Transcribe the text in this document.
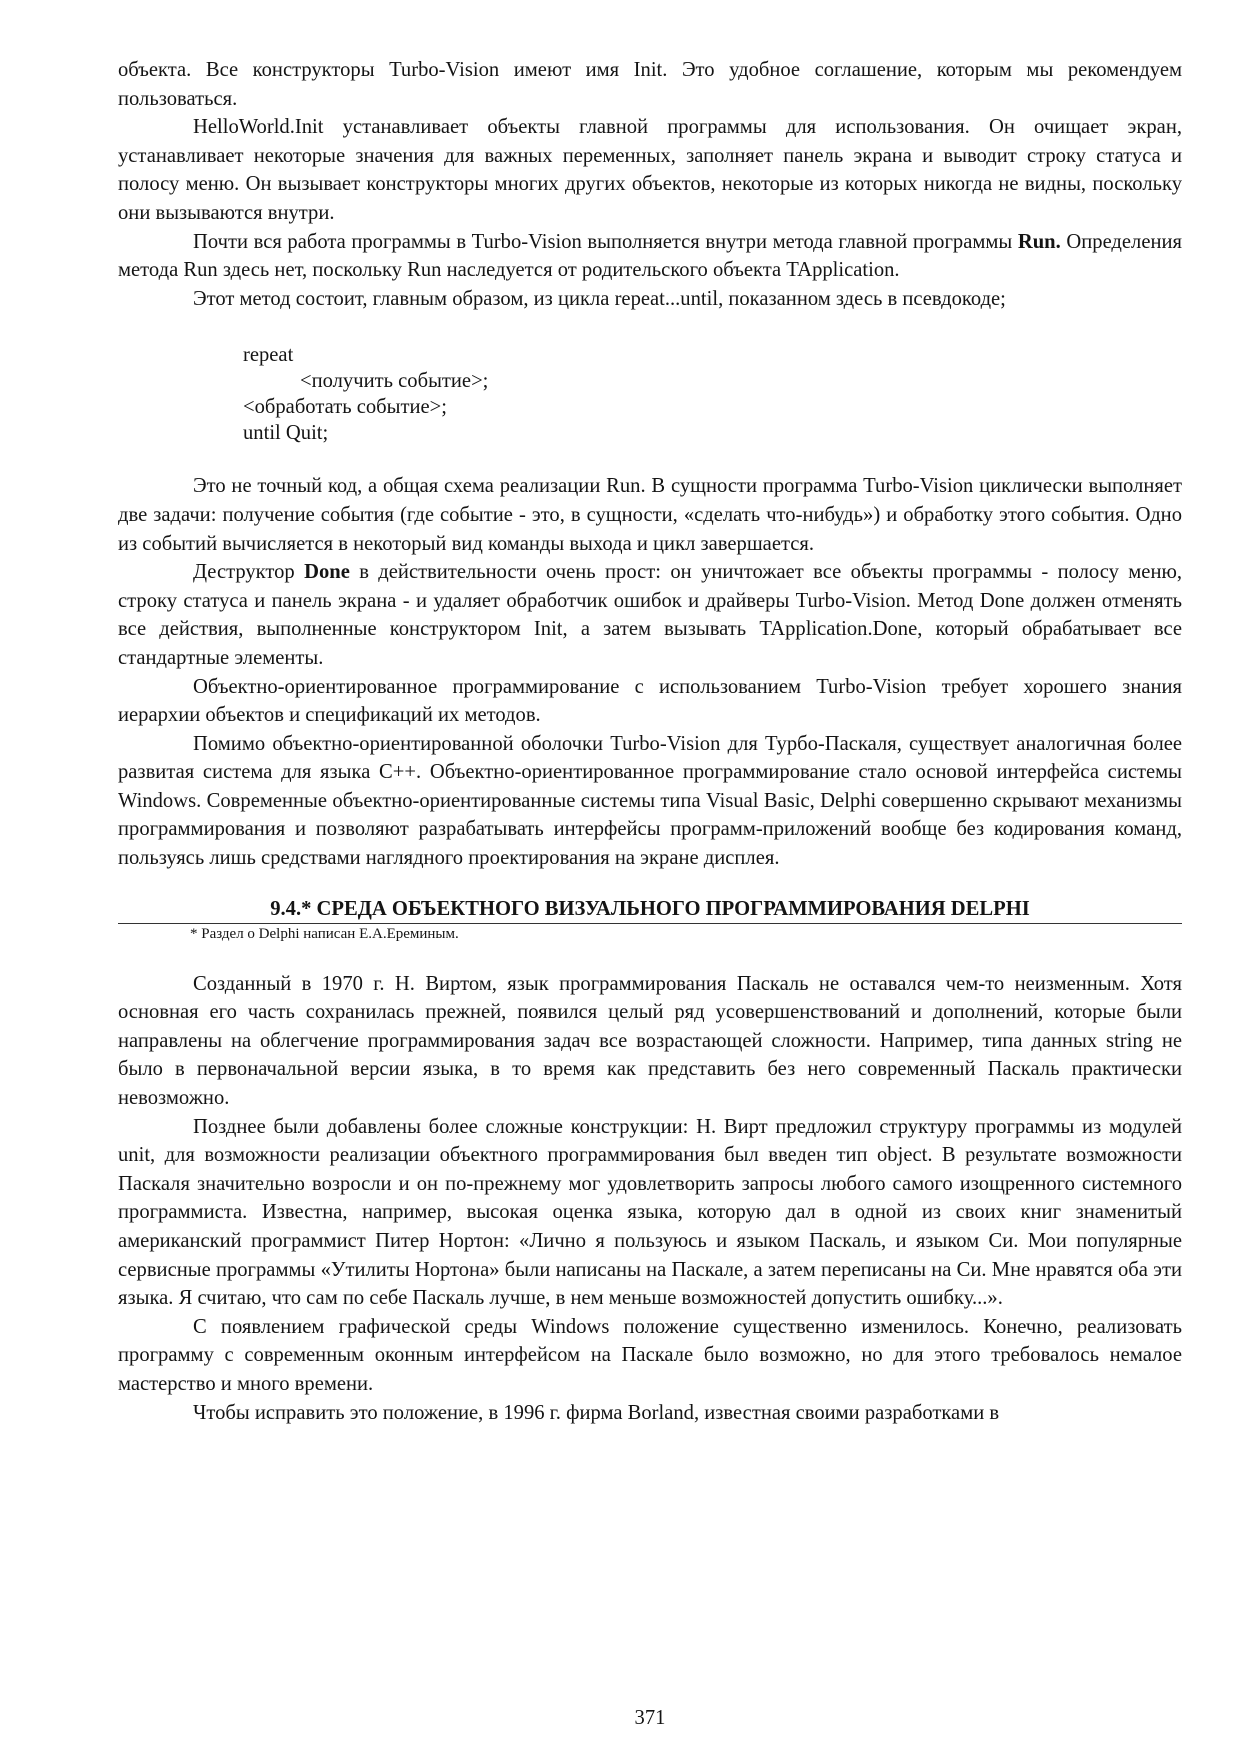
объекта. Все конструкторы Turbo-Vision имеют имя Init. Это удобное соглашение, которым мы рекомендуем пользоваться.

HelloWorld.Init устанавливает объекты главной программы для использования. Он очищает экран, устанавливает некоторые значения для важных переменных, заполняет панель экрана и выводит строку статуса и полосу меню. Он вызывает конструкторы многих других объектов, некоторые из которых никогда не видны, поскольку они вызываются внутри.

Почти вся работа программы в Turbo-Vision выполняется внутри метода главной программы Run. Определения метода Run здесь нет, поскольку Run наследуется от родительского объекта TApplication.

Этот метод состоит, главным образом, из цикла repeat...until, показанном здесь в псевдокоде;

repeat
<получить событие>;
<обработать событие>;
until Quit;

Это не точный код, а общая схема реализации Run. В сущности программа Turbo-Vision циклически выполняет две задачи: получение события (где событие - это, в сущности, «сделать что-нибудь») и обработку этого события. Одно из событий вычисляется в некоторый вид команды выхода и цикл завершается.

Деструктор Done в действительности очень прост: он уничтожает все объекты программы - полосу меню, строку статуса и панель экрана - и удаляет обработчик ошибок и драйверы Turbo-Vision. Метод Done должен отменять все действия, выполненные конструктором Init, а затем вызывать TApplication.Done, который обрабатывает все стандартные элементы.

Объектно-ориентированное программирование с использованием Turbo-Vision требует хорошего знания иерархии объектов и спецификаций их методов.

Помимо объектно-ориентированной оболочки Turbo-Vision для Турбо-Паскаля, существует аналогичная более развитая система для языка С++. Объектно-ориентированное программирование стало основой интерфейса системы Windows. Современные объектно-ориентированные системы типа Visual Basic, Delphi совершенно скрывают механизмы программирования и позволяют разрабатывать интерфейсы программ-приложений вообще без кодирования команд, пользуясь лишь средствами наглядного проектирования на экране дисплея.

9.4.* СРЕДА ОБЪЕКТНОГО ВИЗУАЛЬНОГО ПРОГРАММИРОВАНИЯ DELPHI
* Раздел о Delphi написан Е.А.Ереминым.

Созданный в 1970 г. Н. Виртом, язык программирования Паскаль не оставался чем-то неизменным. Хотя основная его часть сохранилась прежней, появился целый ряд усовершенствований и дополнений, которые были направлены на облегчение программирования задач все возрастающей сложности. Например, типа данных string не было в первоначальной версии языка, в то время как представить без него современный Паскаль практически невозможно.

Позднее были добавлены более сложные конструкции: Н. Вирт предложил структуру программы из модулей unit, для возможности реализации объектного программирования был введен тип object. В результате возможности Паскаля значительно возросли и он по-прежнему мог удовлетворить запросы любого самого изощренного системного программиста. Известна, например, высокая оценка языка, которую дал в одной из своих книг знаменитый американский программист Питер Нортон: «Лично я пользуюсь и языком Паскаль, и языком Си. Мои популярные сервисные программы «Утилиты Нортона» были написаны на Паскале, а затем переписаны на Си. Мне нравятся оба эти языка. Я считаю, что сам по себе Паскаль лучше, в нем меньше возможностей допустить ошибку...».

С появлением графической среды Windows положение существенно изменилось. Конечно, реализовать программу с современным оконным интерфейсом на Паскале было возможно, но для этого требовалось немалое мастерство и много времени.

Чтобы исправить это положение, в 1996 г. фирма Borland, известная своими разработками в

371
